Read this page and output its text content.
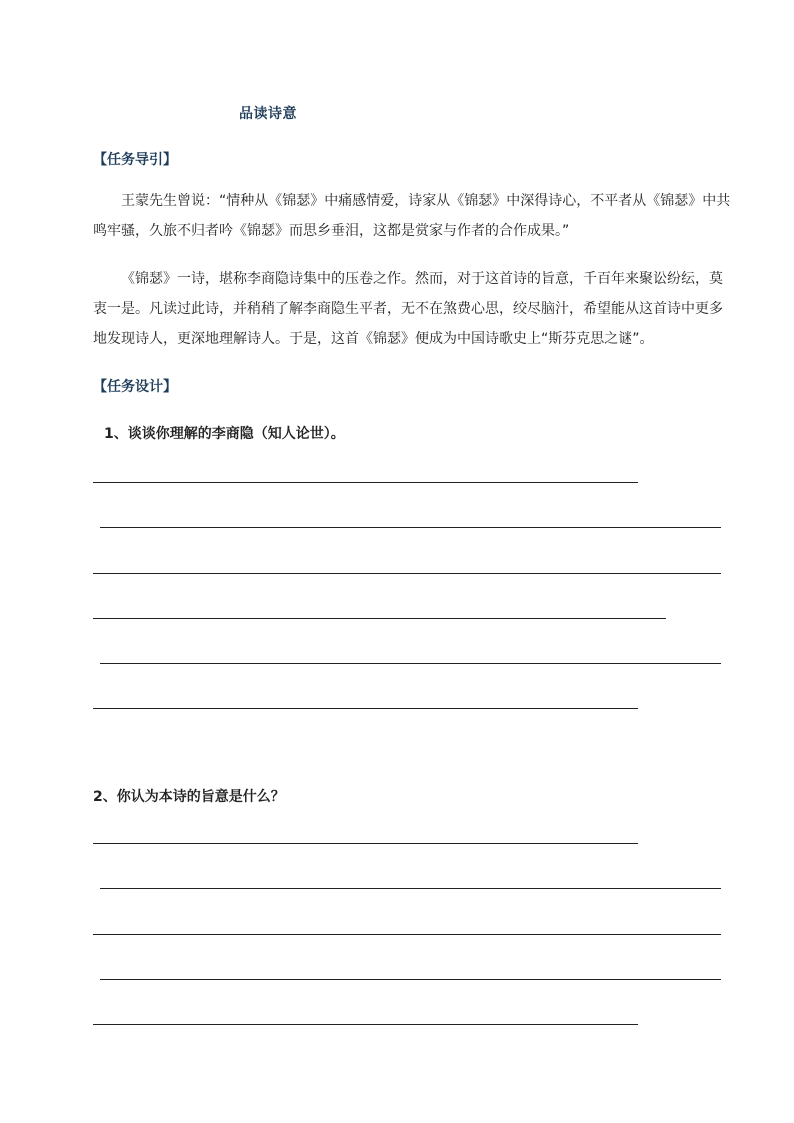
品读诗意
【任务导引】
王蒙先生曾说：“情种从《锦瑟》中痛感情爱，诗家从《锦瑟》中深得诗心，不平者从《锦瑟》中共鸣牢骚，久旅不归者吟《锦瑟》而思乡垂泪，这都是赏家与作者的合作成果。”
《锦瑟》一诗，堪称李商隐诗集中的压卷之作。然而，对于这首诗的旨意，千百年来聚讼纷纭，莫衷一是。凡读过此诗，并稍稍了解李商隐生平者，无不在煞费心思，绞尽脑汁，希望能从这首诗中更多地发现诗人，更深地理解诗人。于是，这首《锦瑟》便成为中国诗歌史上“斯芬克思之谜”。
【任务设计】
1、谈谈你理解的李商隐（知人论世）。
2、你认为本诗的旨意是什么？
